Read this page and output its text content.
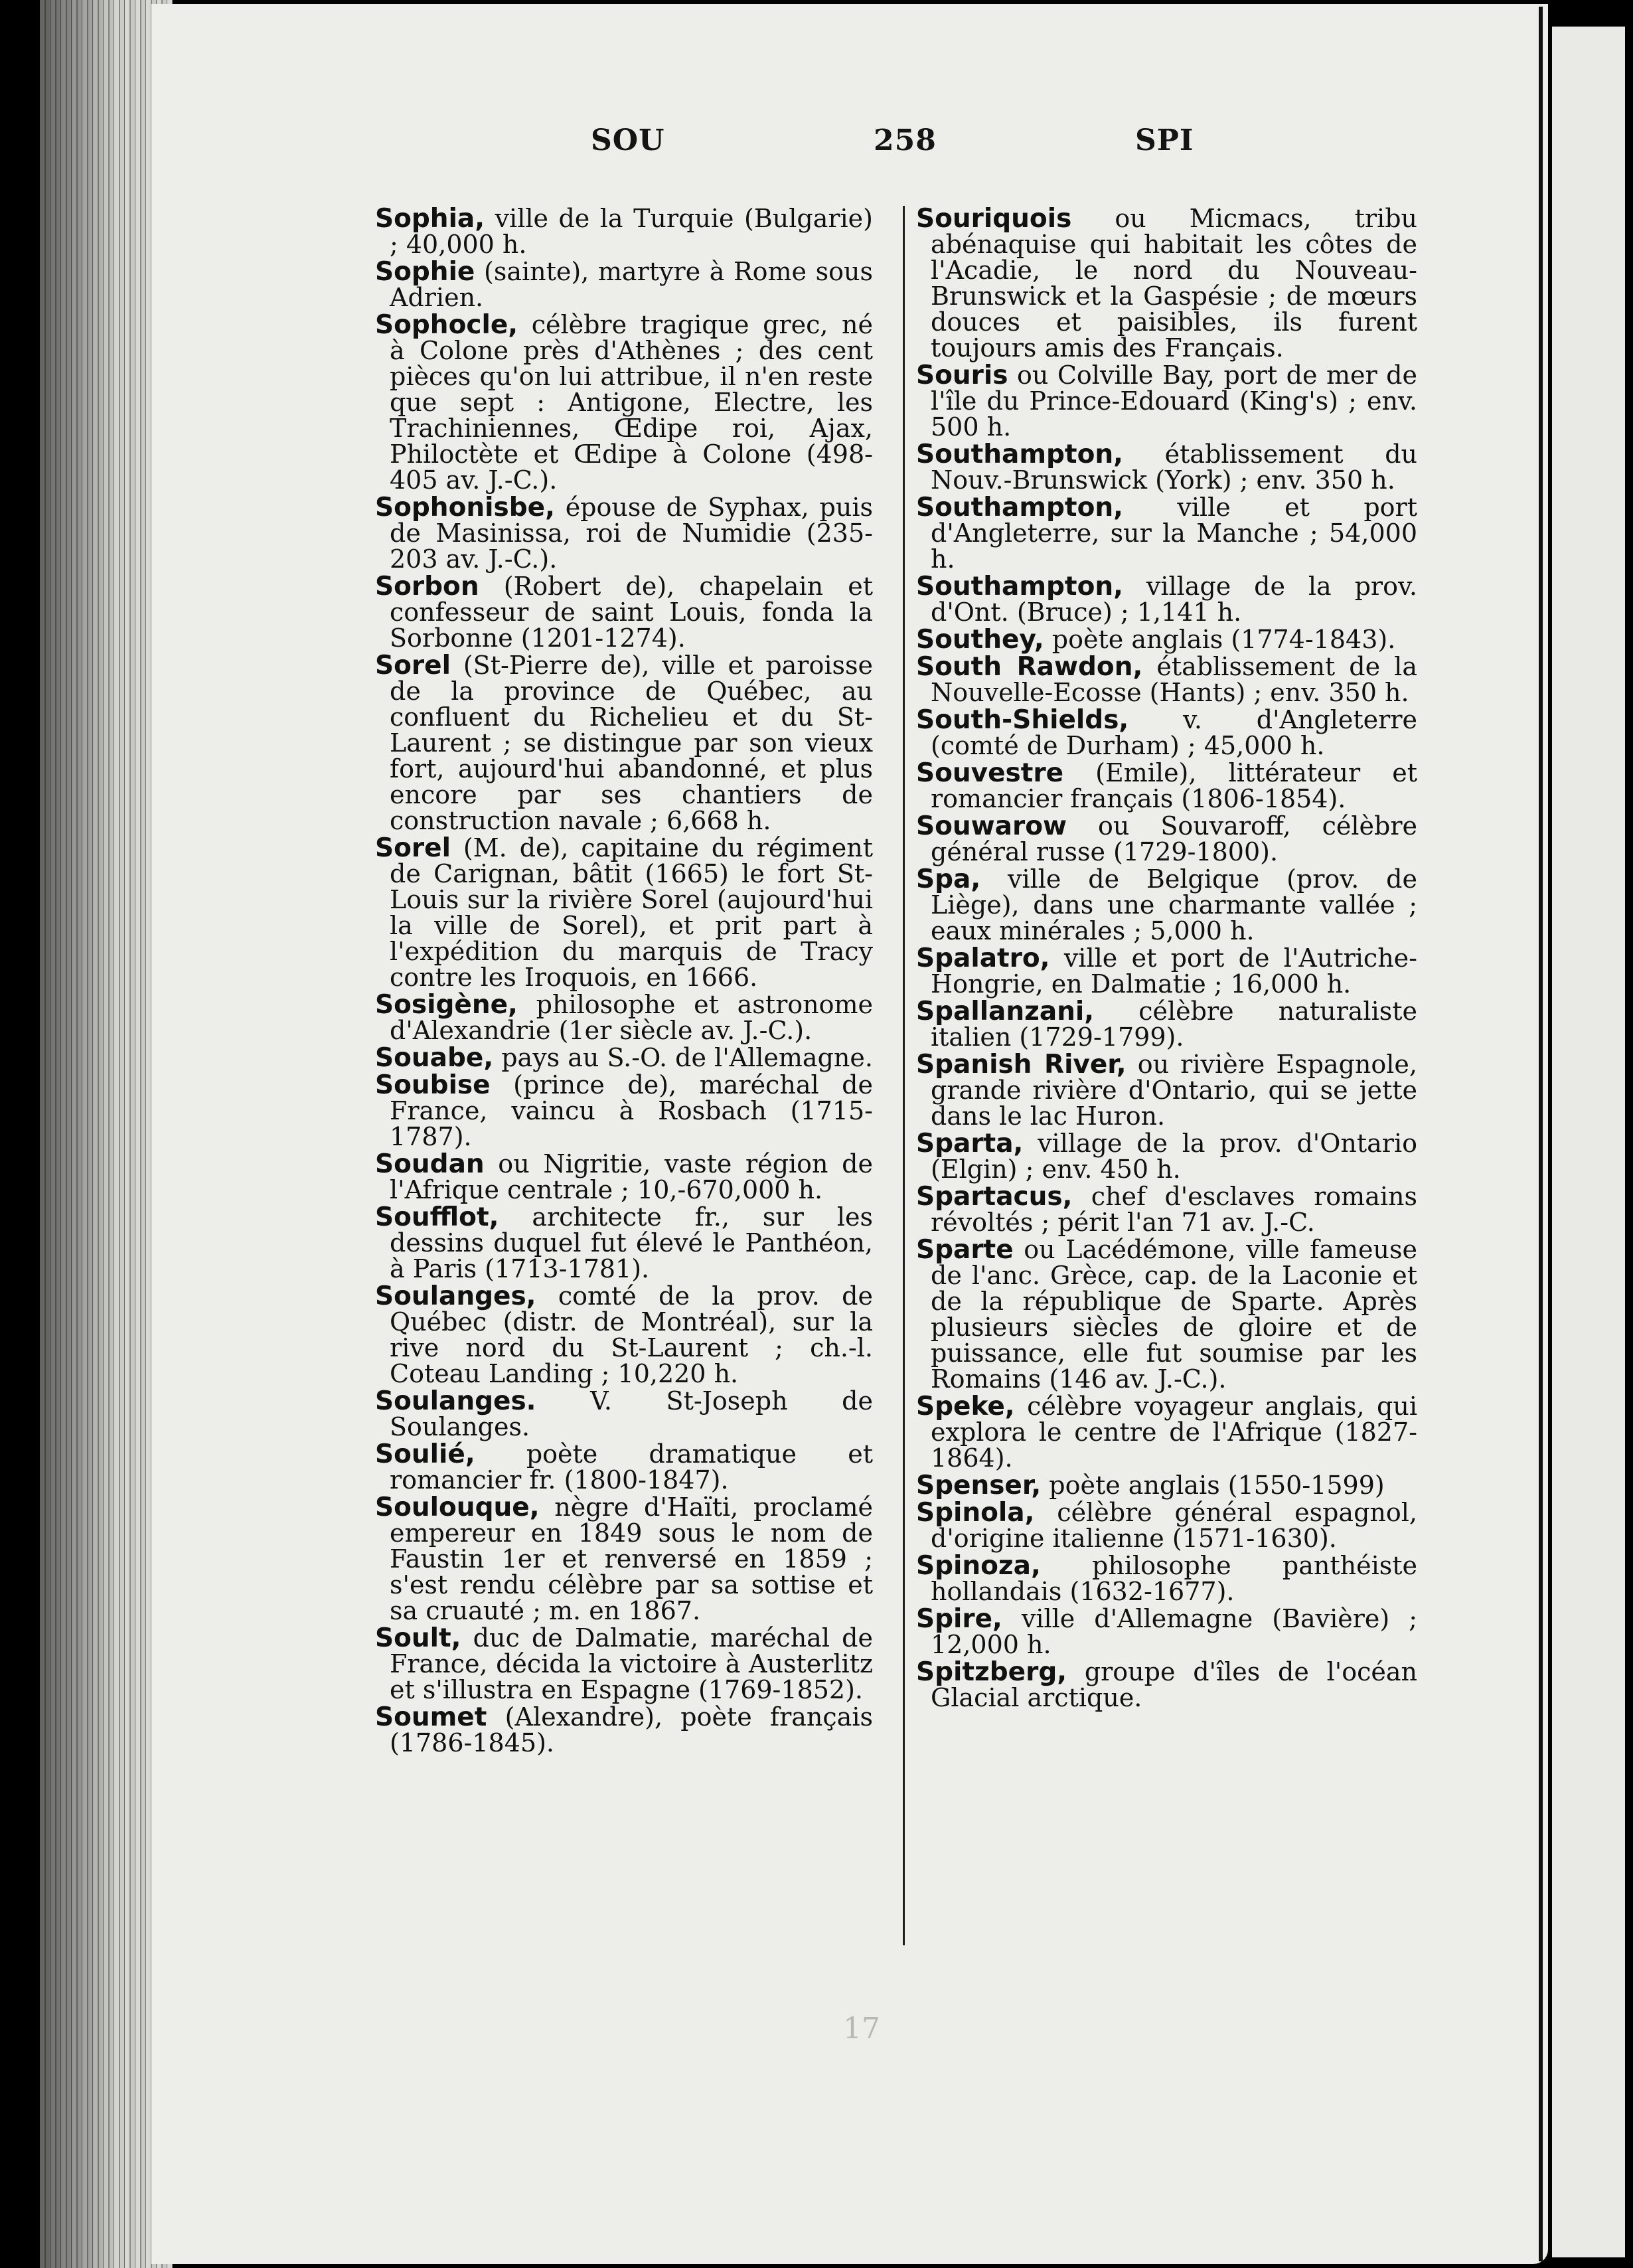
SOU	258	SPI
Sophia, ville de la Turquie (Bulgarie) ; 40,000 h.
Sophie (sainte), martyre à Rome sous Adrien.
Sophocle, célèbre tragique grec, né à Colone près d'Athènes ; des cent pièces qu'on lui attribue, il n'en reste que sept : Antigone, Electre, les Trachiniennes, Œdipe roi, Ajax, Philoctète et Œdipe à Colone (498-405 av. J.-C.).
Sophonisbe, épouse de Syphax, puis de Masinissa, roi de Numidie (235-203 av. J.-C.).
Sorbon (Robert de), chapelain et confesseur de saint Louis, fonda la Sorbonne (1201-1274).
Sorel (St-Pierre de), ville et paroisse de la province de Québec, au confluent du Richelieu et du St-Laurent ; se distingue par son vieux fort, aujourd'hui abandonné, et plus encore par ses chantiers de construction navale ; 6,668 h.
Sorel (M. de), capitaine du régiment de Carignan, bâtit (1665) le fort St-Louis sur la rivière Sorel (aujourd'hui la ville de Sorel), et prit part à l'expédition du marquis de Tracy contre les Iroquois, en 1666.
Sosigène, philosophe et astronome d'Alexandrie (1er siècle av. J.-C.).
Souabe, pays au S.-O. de l'Allemagne.
Soubise (prince de), maréchal de France, vaincu à Rosbach (1715-1787).
Soudan ou Nigritie, vaste région de l'Afrique centrale ; 10,-670,000 h.
Soufflot, architecte fr., sur les dessins duquel fut élevé le Panthéon, à Paris (1713-1781).
Soulanges, comté de la prov. de Québec (distr. de Montréal), sur la rive nord du St-Laurent ; ch.-l. Coteau Landing ; 10,220 h.
Soulanges. V. St-Joseph de Soulanges.
Soulié, poète dramatique et romancier fr. (1800-1847).
Soulouque, nègre d'Haïti, proclamé empereur en 1849 sous le nom de Faustin 1er et renversé en 1859 ; s'est rendu célèbre par sa sottise et sa cruauté ; m. en 1867.
Soult, duc de Dalmatie, maréchal de France, décida la victoire à Austerlitz et s'illustra en Espagne (1769-1852).
Soumet (Alexandre), poète français (1786-1845).
Souriquois ou Micmacs, tribu abénaquise qui habitait les côtes de l'Acadie, le nord du Nouveau-Brunswick et la Gaspésie ; de mœurs douces et paisibles, ils furent toujours amis des Français.
Souris ou Colville Bay, port de mer de l'île du Prince-Edouard (King's) ; env. 500 h.
Southampton, établissement du Nouv.-Brunswick (York) ; env. 350 h.
Southampton, ville et port d'Angleterre, sur la Manche ; 54,000 h.
Southampton, village de la prov. d'Ont. (Bruce) ; 1,141 h.
Southey, poète anglais (1774-1843).
South Rawdon, établissement de la Nouvelle-Ecosse (Hants) ; env. 350 h.
South-Shields, v. d'Angleterre (comté de Durham) ; 45,000 h.
Souvestre (Emile), littérateur et romancier français (1806-1854).
Souwarow ou Souvaroff, célèbre général russe (1729-1800).
Spa, ville de Belgique (prov. de Liège), dans une charmante vallée ; eaux minérales ; 5,000 h.
Spalatro, ville et port de l'Autriche-Hongrie, en Dalmatie ; 16,000 h.
Spallanzani, célèbre naturaliste italien (1729-1799).
Spanish River, ou rivière Espagnole, grande rivière d'Ontario, qui se jette dans le lac Huron.
Sparta, village de la prov. d'Ontario (Elgin) ; env. 450 h.
Spartacus, chef d'esclaves romains révoltés ; périt l'an 71 av. J.-C.
Sparte ou Lacédémone, ville fameuse de l'anc. Grèce, cap. de la Laconie et de la république de Sparte. Après plusieurs siècles de gloire et de puissance, elle fut soumise par les Romains (146 av. J.-C.).
Speke, célèbre voyageur anglais, qui explora le centre de l'Afrique (1827-1864).
Spenser, poète anglais (1550-1599)
Spinola, célèbre général espagnol, d'origine italienne (1571-1630).
Spinoza, philosophe panthéiste hollandais (1632-1677).
Spire, ville d'Allemagne (Bavière) ; 12,000 h.
Spitzberg, groupe d'îles de l'océan Glacial arctique.
17
